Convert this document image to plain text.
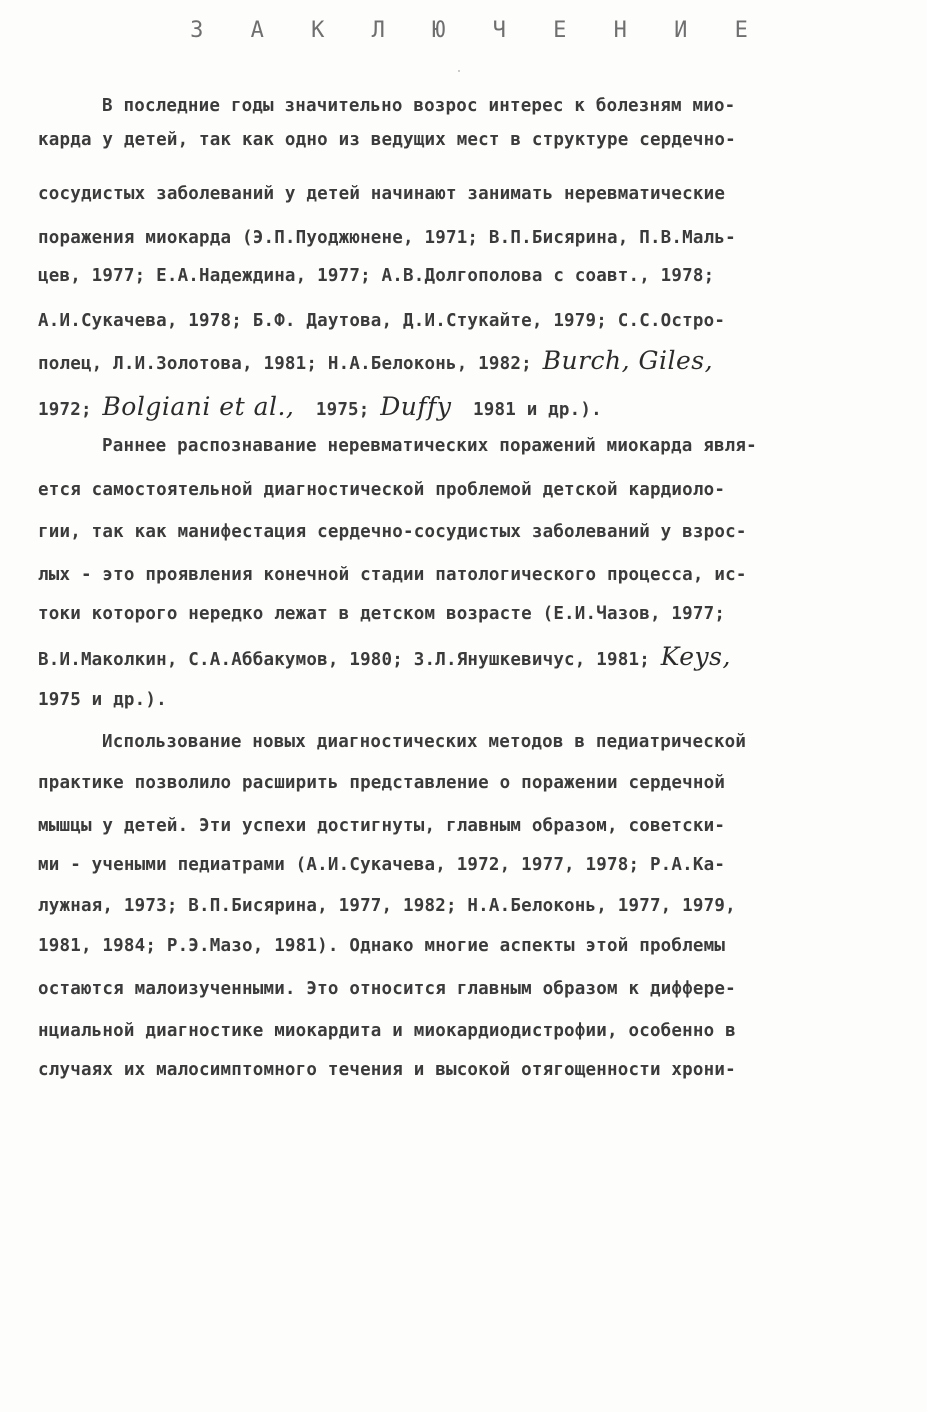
З А К Л Ю Ч Е Н И Е
В последние годы значительно возрос интерес к болезням мио-
карда у детей, так как одно из ведущих мест в структуре сердечно-
сосудистых заболеваний у детей начинают занимать неревматические
поражения миокарда (Э.П.Пуоджюнене, 1971; В.П.Бисярина, П.В.Маль-
цев, 1977; Е.А.Надеждина, 1977; А.В.Долгополова с соавт., 1978;
А.И.Сукачева, 1978; Б.Ф. Даутова, Д.И.Стукайте, 1979; С.С.Остро-
полец, Л.И.Золотова, 1981; Н.А.Белоконь, 1982; Burch, Giles,
1972; Bolgiani et al.,  1975; Duffy  1981 и др.).
Раннее распознавание неревматических поражений миокарда явля-
ется самостоятельной диагностической проблемой детской кардиоло-
гии, так как манифестация сердечно-сосудистых заболеваний у взрос-
лых - это проявления конечной стадии патологического процесса, ис-
токи которого нередко лежат в детском возрасте (Е.И.Чазов, 1977;
В.И.Маколкин, С.А.Аббакумов, 1980; З.Л.Янушкевичус, 1981; Keys,
1975 и др.).
Использование новых диагностических методов в педиатрической
практике позволило расширить представление о поражении сердечной
мышцы у детей. Эти успехи достигнуты, главным образом, советски-
ми - учеными педиатрами (А.И.Сукачева, 1972, 1977, 1978; Р.А.Ка-
лужная, 1973; В.П.Бисярина, 1977, 1982; Н.А.Белоконь, 1977, 1979,
1981, 1984; Р.Э.Мазо, 1981). Однако многие аспекты этой проблемы
остаются малоизученными. Это относится главным образом к диффере-
нциальной диагностике миокардита и миокардиодистрофии, особенно в
случаях их малосимптомного течения и высокой отягощенности хрони-
